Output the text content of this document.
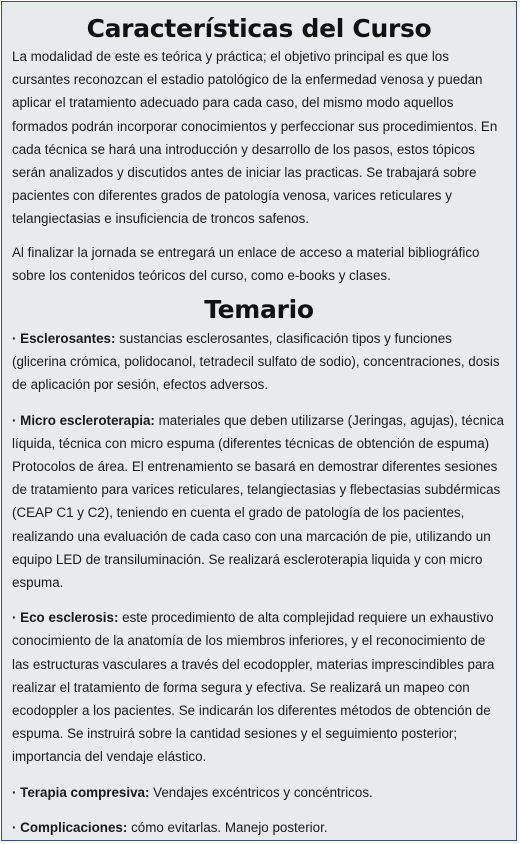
Características del Curso

La modalidad de este es teórica y práctica; el objetivo principal es que los cursantes reconozcan el estadio patológico de la enfermedad venosa y puedan aplicar el tratamiento adecuado para cada caso, del mismo modo aquellos formados podrán incorporar conocimientos y perfeccionar sus procedimientos. En cada técnica se hará una introducción y desarrollo de los pasos, estos tópicos serán analizados y discutidos antes de iniciar las practicas. Se trabajará sobre pacientes con diferentes grados de patología venosa, varices reticulares y telangiectasias e insuficiencia de troncos safenos.

Al finalizar la jornada se entregará un enlace de acceso a material bibliográfico sobre los contenidos teóricos del curso, como e-books y clases.

Temario

· Esclerosantes: sustancias esclerosantes, clasificación tipos y funciones (glicerina crómica, polidocanol, tetradecil sulfato de sodio), concentraciones, dosis de aplicación por sesión, efectos adversos.

· Micro escleroterapia: materiales que deben utilizarse (Jeringas, agujas), técnica líquida, técnica con micro espuma (diferentes técnicas de obtención de espuma) Protocolos de área. El entrenamiento se basará en demostrar diferentes sesiones de tratamiento para varices reticulares, telangiectasias y flebectasias subdérmicas (CEAP C1 y C2), teniendo en cuenta el grado de patología de los pacientes, realizando una evaluación de cada caso con una marcación de pie, utilizando un equipo LED de transiluminación. Se realizará escleroterapia liquida y con micro espuma.

· Eco esclerosis: este procedimiento de alta complejidad requiere un exhaustivo conocimiento de la anatomía de los miembros inferiores, y el reconocimiento de las estructuras vasculares a través del ecodoppler, materias imprescindibles para realizar el tratamiento de forma segura y efectiva. Se realizará un mapeo con ecodoppler a los pacientes. Se indicarán los diferentes métodos de obtención de espuma. Se instruirá sobre la cantidad sesiones y el seguimiento posterior; importancia del vendaje elástico.

· Terapia compresiva: Vendajes excéntricos y concéntricos.

· Complicaciones: cómo evitarlas. Manejo posterior.
